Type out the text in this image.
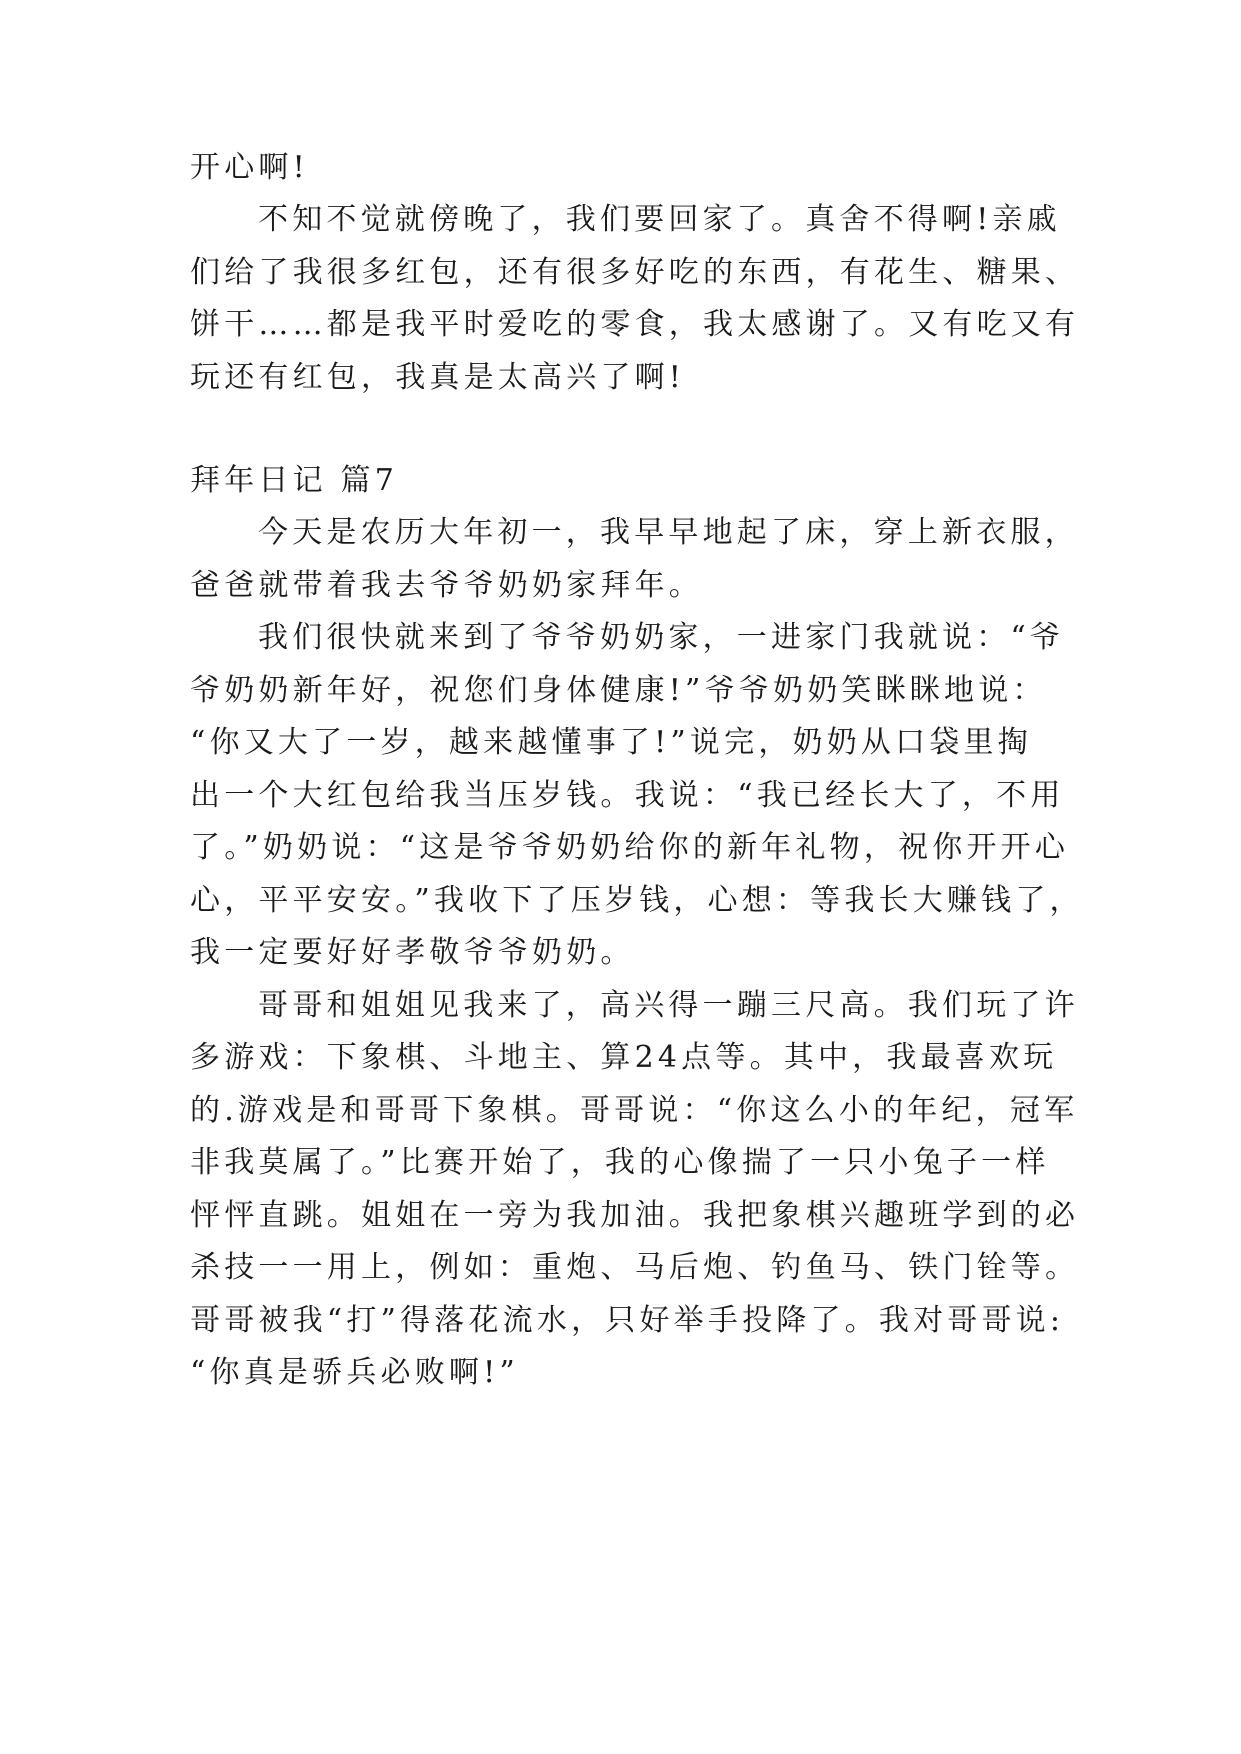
开心啊!
不知不觉就傍晚了，我们要回家了。真舍不得啊!亲戚
们给了我很多红包，还有很多好吃的东西，有花生、糖果、
饼干……都是我平时爱吃的零食，我太感谢了。又有吃又有
玩还有红包，我真是太高兴了啊!
拜年日记 篇7
今天是农历大年初一，我早早地起了床，穿上新衣服，
爸爸就带着我去爷爷奶奶家拜年。
我们很快就来到了爷爷奶奶家，一进家门我就说：“爷
爷奶奶新年好，祝您们身体健康!”爷爷奶奶笑眯眯地说：
“你又大了一岁，越来越懂事了!”说完，奶奶从口袋里掏
出一个大红包给我当压岁钱。我说：“我已经长大了，不用
了。”奶奶说：“这是爷爷奶奶给你的新年礼物，祝你开开心
心，平平安安。”我收下了压岁钱，心想：等我长大赚钱了，
我一定要好好孝敬爷爷奶奶。
哥哥和姐姐见我来了，高兴得一蹦三尺高。我们玩了许
多游戏：下象棋、斗地主、算24点等。其中，我最喜欢玩
的.游戏是和哥哥下象棋。哥哥说：“你这么小的年纪，冠军
非我莫属了。”比赛开始了，我的心像揣了一只小兔子一样
怦怦直跳。姐姐在一旁为我加油。我把象棋兴趣班学到的必
杀技一一用上，例如：重炮、马后炮、钓鱼马、铁门铨等。
哥哥被我“打”得落花流水，只好举手投降了。我对哥哥说:
“你真是骄兵必败啊!”
